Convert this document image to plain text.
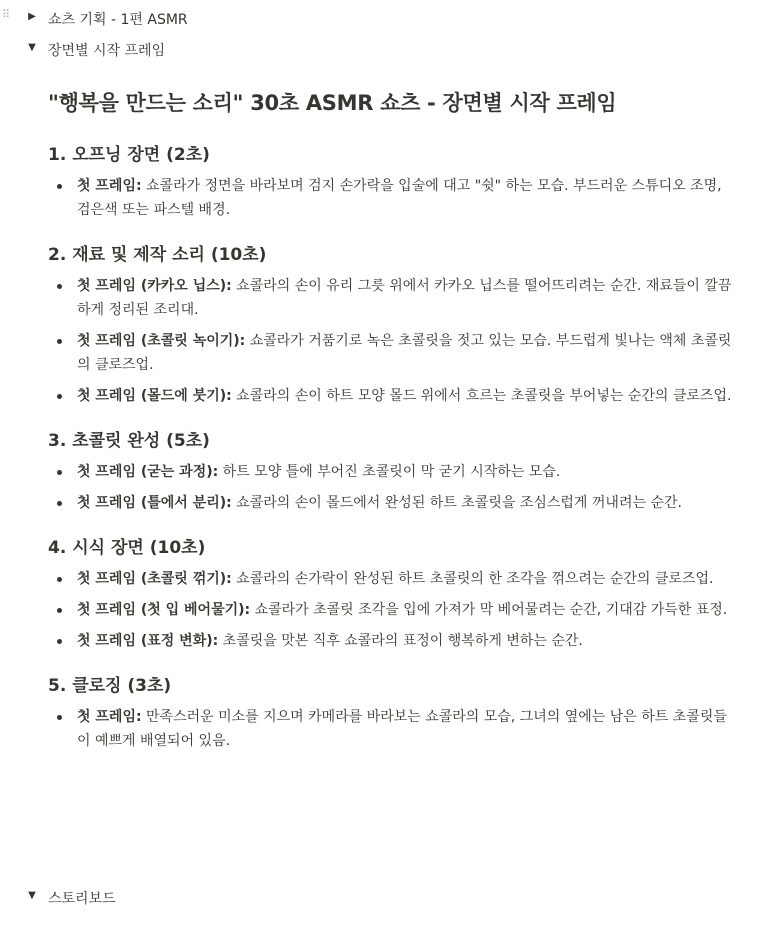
⠿ ▶ 쇼츠 기획 - 1편 ASMR
▼ 장면별 시작 프레임
"행복을 만드는 소리" 30초 ASMR 쇼츠 - 장면별 시작 프레임
1. 오프닝 장면 (2초)
첫 프레임: 쇼콜라가 정면을 바라보며 검지 손가락을 입술에 대고 "쉿" 하는 모습. 부드러운 스튜디오 조명, 검은색 또는 파스텔 배경.
2. 재료 및 제작 소리 (10초)
첫 프레임 (카카오 닙스): 쇼콜라의 손이 유리 그릇 위에서 카카오 닙스를 떨어뜨리려는 순간. 재료들이 깔끔하게 정리된 조리대.
첫 프레임 (초콜릿 녹이기): 쇼콜라가 거품기로 녹은 초콜릿을 젓고 있는 모습. 부드럽게 빛나는 액체 초콜릿의 클로즈업.
첫 프레임 (몰드에 붓기): 쇼콜라의 손이 하트 모양 몰드 위에서 흐르는 초콜릿을 부어넣는 순간의 클로즈업.
3. 초콜릿 완성 (5초)
첫 프레임 (굳는 과정): 하트 모양 틀에 부어진 초콜릿이 막 굳기 시작하는 모습.
첫 프레임 (틀에서 분리): 쇼콜라의 손이 몰드에서 완성된 하트 초콜릿을 조심스럽게 꺼내려는 순간.
4. 시식 장면 (10초)
첫 프레임 (초콜릿 꺾기): 쇼콜라의 손가락이 완성된 하트 초콜릿의 한 조각을 꺾으려는 순간의 클로즈업.
첫 프레임 (첫 입 베어물기): 쇼콜라가 초콜릿 조각을 입에 가져가 막 베어물려는 순간, 기대감 가득한 표정.
첫 프레임 (표정 변화): 초콜릿을 맛본 직후 쇼콜라의 표정이 행복하게 변하는 순간.
5. 클로징 (3초)
첫 프레임: 만족스러운 미소를 지으며 카메라를 바라보는 쇼콜라의 모습, 그녀의 옆에는 남은 하트 초콜릿들이 예쁘게 배열되어 있음.
▼ 스토리보드
